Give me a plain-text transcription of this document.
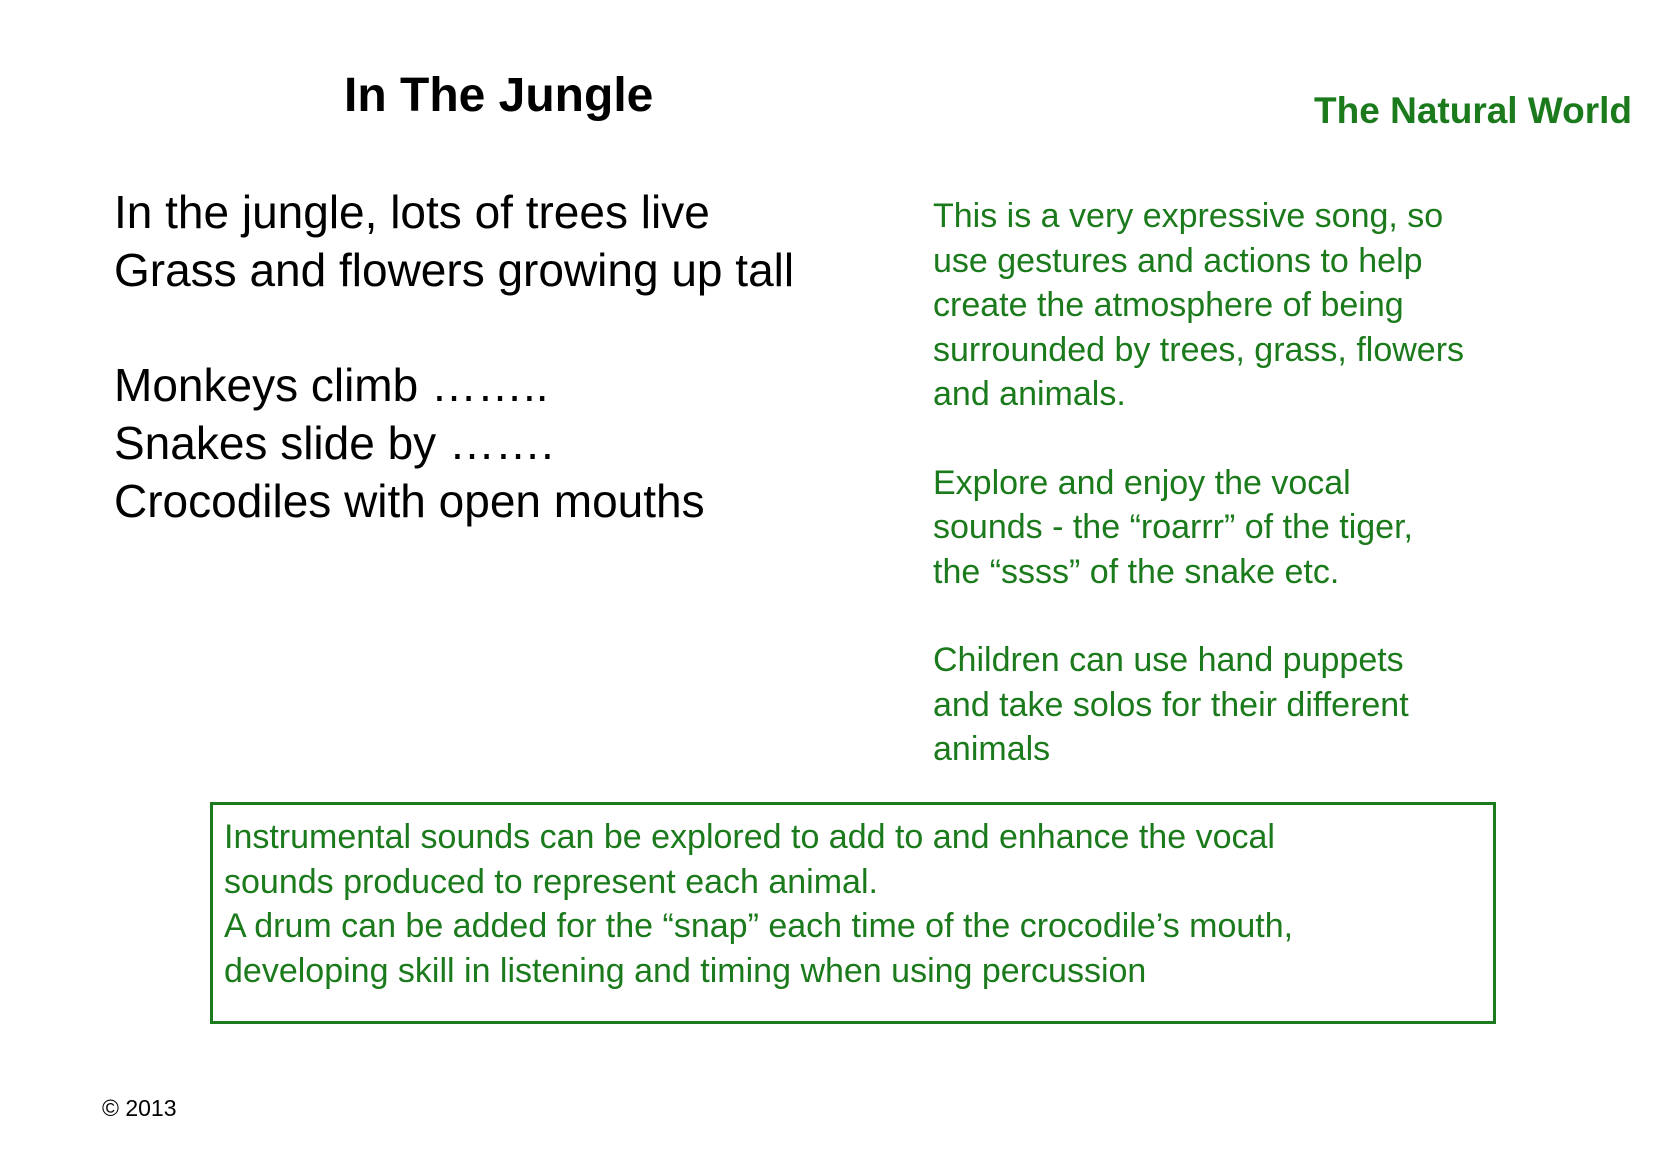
In The Jungle	The Natural World
In the jungle, lots of trees live
Grass and flowers growing up tall
Monkeys climb ……..
Snakes slide by …….
Crocodiles with open mouths
This is a very expressive song, so
use gestures and actions to help
create the atmosphere of being
surrounded by trees, grass, flowers
and animals.
Explore and enjoy the vocal
sounds - the “roarrr” of the tiger,
the “ssss” of the snake etc.
Children can use hand puppets
and take solos for their different
animals
Instrumental sounds can be explored to add to and enhance the vocal
sounds produced to represent each animal.
A drum can be added for the “snap” each time of the crocodile’s mouth,
developing skill in listening and timing when using percussion
© 2013
